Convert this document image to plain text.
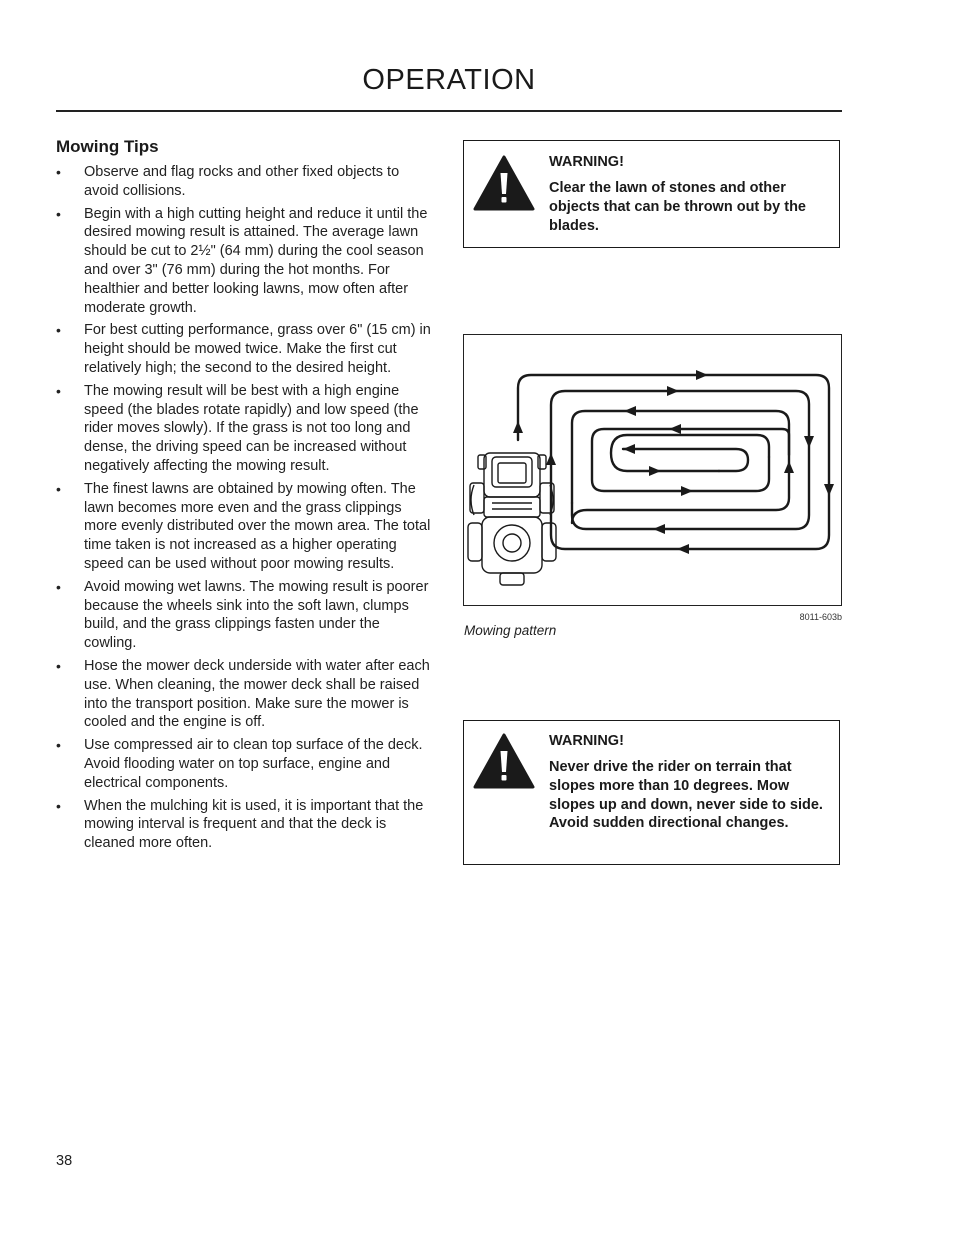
OPERATION
Mowing Tips
• Observe and flag rocks and other fixed objects to avoid collisions.
• Begin with a high cutting height and reduce it until the desired mowing result is attained. The average lawn should be cut to 2½" (64 mm) during the cool season and over 3" (76 mm) during the hot months. For healthier and better looking lawns, mow often after moderate growth.
• For best cutting performance, grass over 6" (15 cm) in height should be mowed twice. Make the first cut relatively high; the second to the desired height.
• The mowing result will be best with a high engine speed (the blades rotate rapidly) and low speed (the rider moves slowly). If the grass is not too long and dense, the driving speed can be increased without negatively affecting the mowing result.
• The finest lawns are obtained by mowing often. The lawn becomes more even and the grass clippings more evenly distributed over the mown area. The total time taken is not increased as a higher operating speed can be used without poor mowing results.
• Avoid mowing wet lawns. The mowing result is poorer because the wheels sink into the soft lawn, clumps build, and the grass clippings fasten under the cowling.
• Hose the mower deck underside with water after each use. When cleaning, the mower deck shall be raised into the transport position. Make sure the mower is cooled and the engine is off.
• Use compressed air to clean top surface of the deck. Avoid flooding water on top surface, engine and electrical components.
• When the mulching kit is used, it is important that the mowing interval is frequent and that the deck is cleaned more often.
WARNING!
Clear the lawn of stones and other objects that can be thrown out by the blades.
8011-603b
Mowing pattern
WARNING!
Never drive the rider on terrain that slopes more than 10 degrees. Mow slopes up and down, never side to side. Avoid sudden directional changes.
38
